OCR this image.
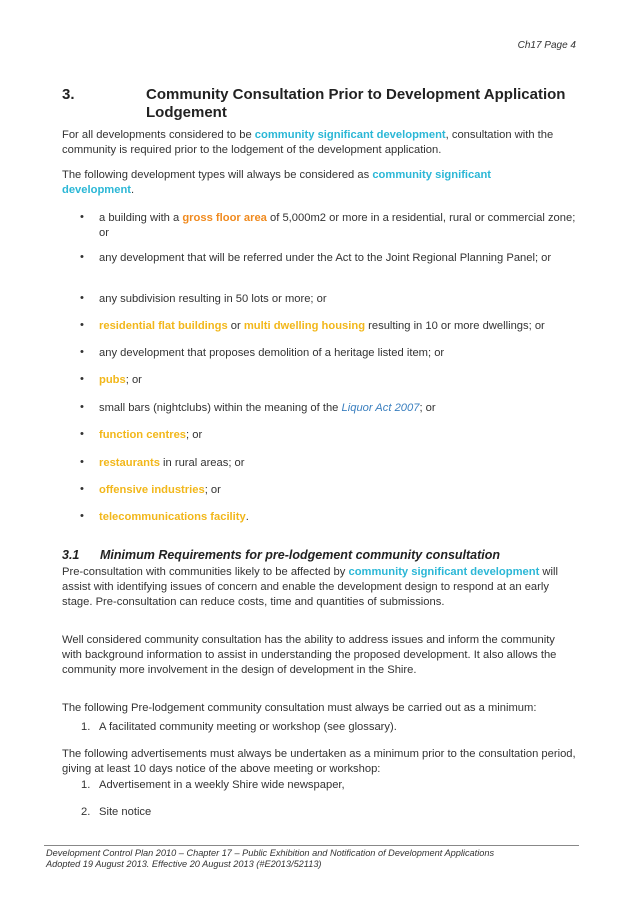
Ch17 Page 4
3.	Community Consultation Prior to Development Application Lodgement
For all developments considered to be community significant development, consultation with the community is required prior to the lodgement of the development application.
The following development types will always be considered as community significant development.
• a building with a gross floor area of 5,000m2 or more in a residential, rural or commercial zone; or
• any development that will be referred under the Act to the Joint Regional Planning Panel; or
• any subdivision resulting in 50 lots or more; or
• residential flat buildings or multi dwelling housing resulting in 10 or more dwellings; or
• any development that proposes demolition of a heritage listed item; or
• pubs; or
• small bars (nightclubs) within the meaning of the Liquor Act 2007; or
• function centres; or
• restaurants in rural areas; or
• offensive industries; or
• telecommunications facility.
3.1 Minimum Requirements for pre-lodgement community consultation
Pre-consultation with communities likely to be affected by community significant development will assist with identifying issues of concern and enable the development design to respond at an early stage. Pre-consultation can reduce costs, time and quantities of submissions.
Well considered community consultation has the ability to address issues and inform the community with background information to assist in understanding the proposed development. It also allows the community more involvement in the design of development in the Shire.
The following Pre-lodgement community consultation must always be carried out as a minimum:
1. A facilitated community meeting or workshop (see glossary).
The following advertisements must always be undertaken as a minimum prior to the consultation period, giving at least 10 days notice of the above meeting or workshop:
1. Advertisement in a weekly Shire wide newspaper,
2. Site notice
Development Control Plan 2010 – Chapter 17 – Public Exhibition and Notification of Development Applications
Adopted 19 August 2013. Effective 20 August 2013 (#E2013/52113)
